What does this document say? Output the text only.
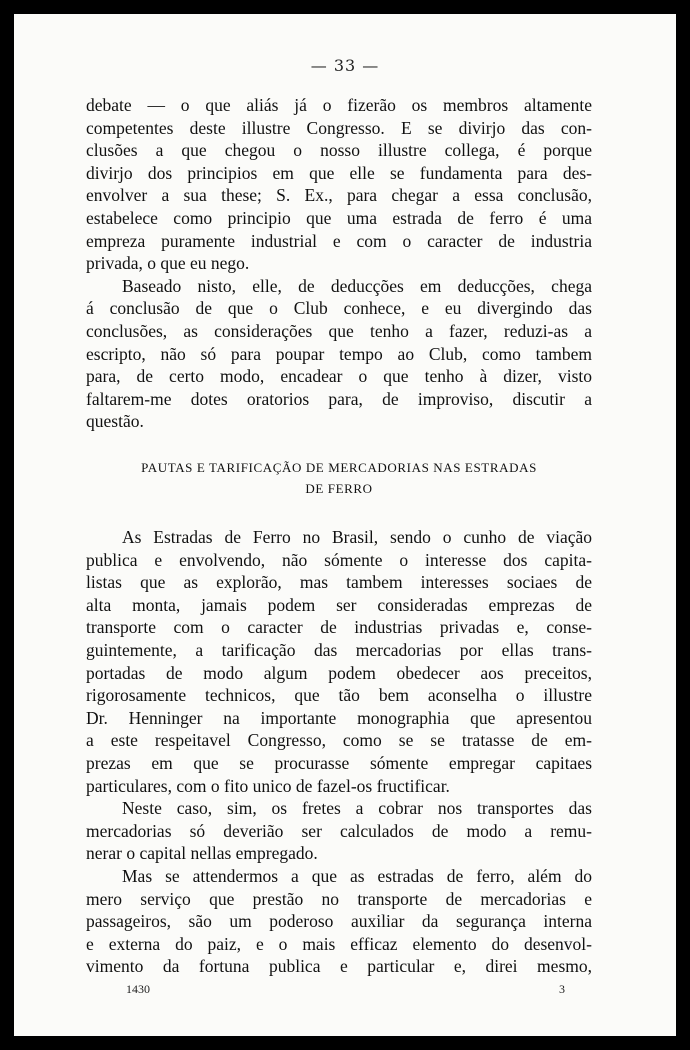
— 33 —

debate — o que aliás já o fizerão os membros altamente

competentes deste illustre Congresso. E se divirjo das con-

clusões a que chegou o nosso illustre collega, é porque

divirjo dos principios em que elle se fundamenta para des-

envolver a sua these; S. Ex., para chegar a essa conclusão,

estabelece como principio que uma estrada de ferro é uma

empreza puramente industrial e com o caracter de industria

privada, o que eu nego.

Baseado nisto, elle, de deducções em deducções, chega

á conclusão de que o Club conhece, e eu divergindo das

conclusões, as considerações que tenho a fazer, reduzi-as a

escripto, não só para poupar tempo ao Club, como tambem

para, de certo modo, encadear o que tenho à dizer, visto

faltarem-me dotes oratorios para, de improviso, discutir a

questão.

PAUTAS E TARIFICAÇÃO DE MERCADORIAS NAS ESTRADAS
DE FERRO

As Estradas de Ferro no Brasil, sendo o cunho de viação

publica e envolvendo, não sómente o interesse dos capita-

listas que as explorão, mas tambem interesses sociaes de

alta monta, jamais podem ser consideradas emprezas de

transporte com o caracter de industrias privadas e, conse-

guintemente, a tarificação das mercadorias por ellas trans-

portadas de modo algum podem obedecer aos preceitos,

rigorosamente technicos, que tão bem aconselha o illustre

Dr. Henninger na importante monographia que apresentou

a este respeitavel Congresso, como se se tratasse de em-

prezas em que se procurasse sómente empregar capitaes

particulares, com o fito unico de fazel-os fructificar.

Neste caso, sim, os fretes a cobrar nos transportes das

mercadorias só deverião ser calculados de modo a remu-

nerar o capital nellas empregado.

Mas se attendermos a que as estradas de ferro, além do

mero serviço que prestão no transporte de mercadorias e

passageiros, são um poderoso auxiliar da segurança interna

e externa do paiz, e o mais efficaz elemento do desenvol-

vimento da fortuna publica e particular e, direi mesmo,

1430	3
